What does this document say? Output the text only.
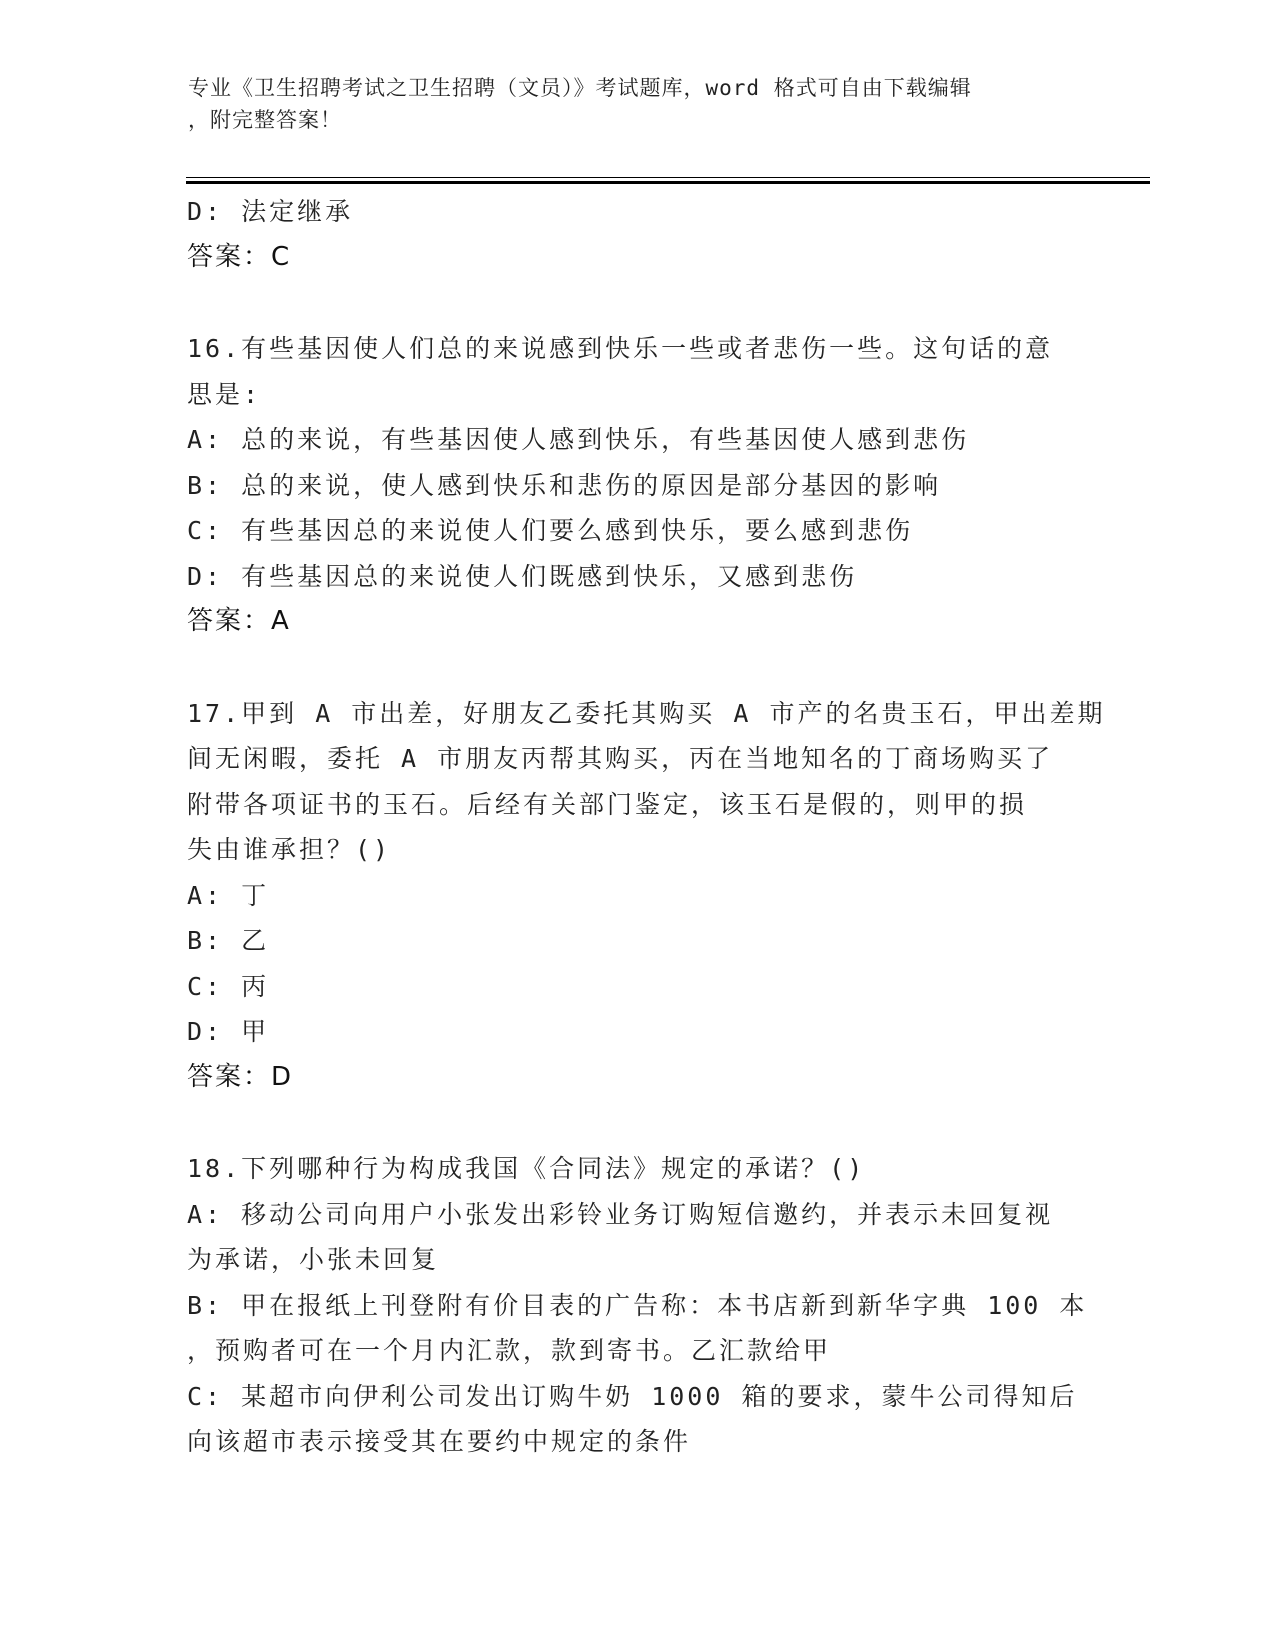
专业《卫生招聘考试之卫生招聘（文员）》考试题库，word 格式可自由下载编辑
，附完整答案！
D: 法定继承
答案：C
16.有些基因使人们总的来说感到快乐一些或者悲伤一些。这句话的意
思是:
A: 总的来说，有些基因使人感到快乐，有些基因使人感到悲伤
B: 总的来说，使人感到快乐和悲伤的原因是部分基因的影响
C: 有些基因总的来说使人们要么感到快乐，要么感到悲伤
D: 有些基因总的来说使人们既感到快乐，又感到悲伤
答案：A
17.甲到 A 市出差，好朋友乙委托其购买 A 市产的名贵玉石，甲出差期
间无闲暇，委托 A 市朋友丙帮其购买，丙在当地知名的丁商场购买了
附带各项证书的玉石。后经有关部门鉴定，该玉石是假的，则甲的损
失由谁承担？()
A: 丁
B: 乙
C: 丙
D: 甲
答案：D
18.下列哪种行为构成我国《合同法》规定的承诺？()
A: 移动公司向用户小张发出彩铃业务订购短信邀约，并表示未回复视
为承诺，小张未回复
B: 甲在报纸上刊登附有价目表的广告称：本书店新到新华字典 100 本
，预购者可在一个月内汇款，款到寄书。乙汇款给甲
C: 某超市向伊利公司发出订购牛奶 1000 箱的要求，蒙牛公司得知后
向该超市表示接受其在要约中规定的条件
